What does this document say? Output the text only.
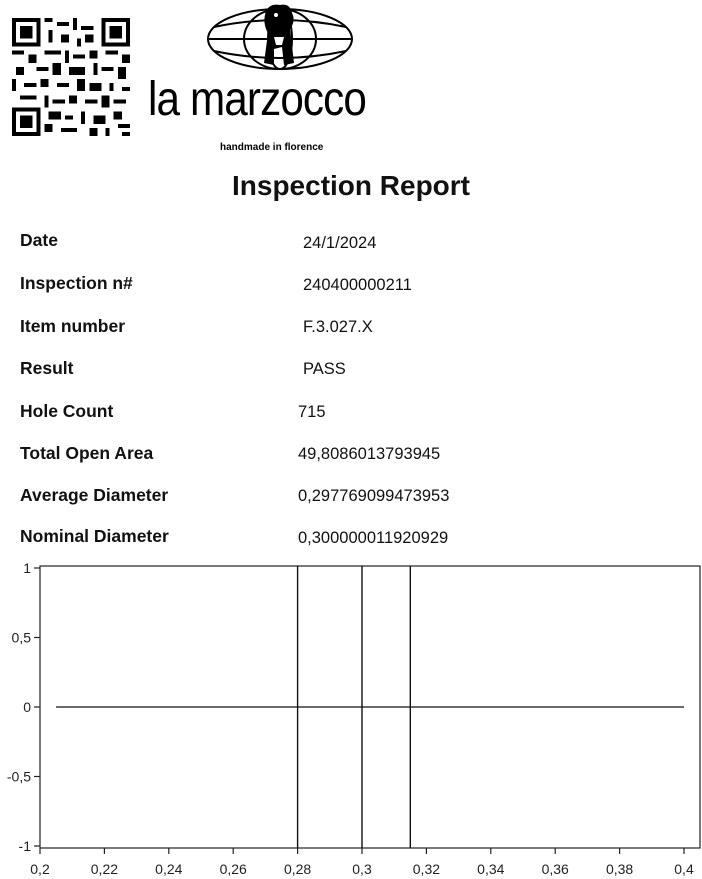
la marzocco
handmade in florence
Inspection Report
Date	24/1/2024
Inspection n#	240400000211
Item number	F.3.027.X
Result	PASS
Hole Count	715
Total Open Area	49,8086013793945
Average Diameter	0,297769099473953
Nominal Diameter	0,300000011920929
1
0,5
0
-0,5
-1
0,2	0,22	0,24	0,26	0,28	0,3	0,32	0,34	0,36	0,38	0,4
